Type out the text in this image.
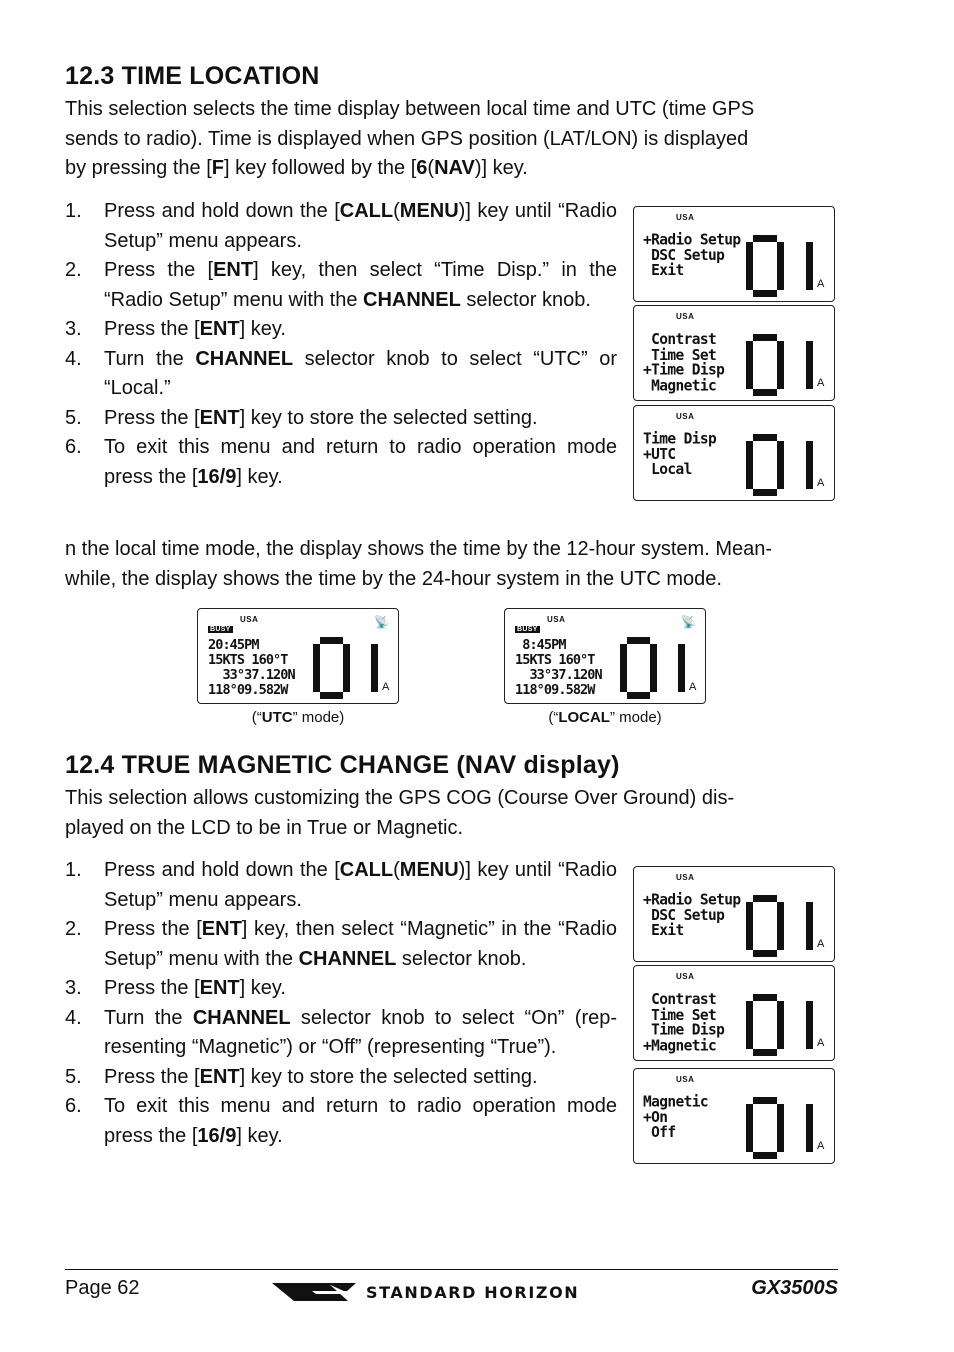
12.3 TIME LOCATION

This selection selects the time display between local time and UTC (time GPS
sends to radio). Time is displayed when GPS position (LAT/LON) is displayed
by pressing the [F] key followed by the [6(NAV)] key.

1. Press and hold down the [CALL(MENU)] key until “Radio Setup” menu appears.
2. Press the [ENT] key, then select “Time Disp.” in the “Radio Setup” menu with the CHANNEL selector knob.
3. Press the [ENT] key.
4. Turn the CHANNEL selector knob to select “UTC” or “Local.”
5. Press the [ENT] key to store the selected setting.
6. To exit this menu and return to radio operation mode press the [16/9] key.
USA
+Radio Setup
DSC Setup
Exit
A
USA
Contrast
Time Set
+Time Disp
Magnetic	A
USA
Time Disp
+UTC
Local
A

n the local time mode, the display shows the time by the 12-hour system. Mean-
while, the display shows the time by the 24-hour system in the UTC mode.

USA
BUSY
📡
20:45PM
15KTS 160°T
33°37.120N
118°09.582W	A
(“UTC” mode)
USA
BUSY
📡
8:45PM
15KTS 160°T
33°37.120N
118°09.582W	A
(“LOCAL” mode)
12.4 TRUE MAGNETIC CHANGE (NAV display)

This selection allows customizing the GPS COG (Course Over Ground) dis-
played on the LCD to be in True or Magnetic.

1. Press and hold down the [CALL(MENU)] key until “Radio Setup” menu appears.
2. Press the [ENT] key, then select “Magnetic” in the “Radio Setup” menu with the CHANNEL selector knob.
3. Press the [ENT] key.
4. Turn the CHANNEL selector knob to select “On” (rep-resenting “Magnetic”) or “Off” (representing “True”).
5. Press the [ENT] key to store the selected setting.
6. To exit this menu and return to radio operation mode press the [16/9] key.
USA
+Radio Setup
DSC Setup
Exit
A
USA
Contrast
Time Set
Time Disp
+Magnetic	A
USA
Magnetic
+On
Off
A
Page 62	STANDARD HORIZON	GX3500S
